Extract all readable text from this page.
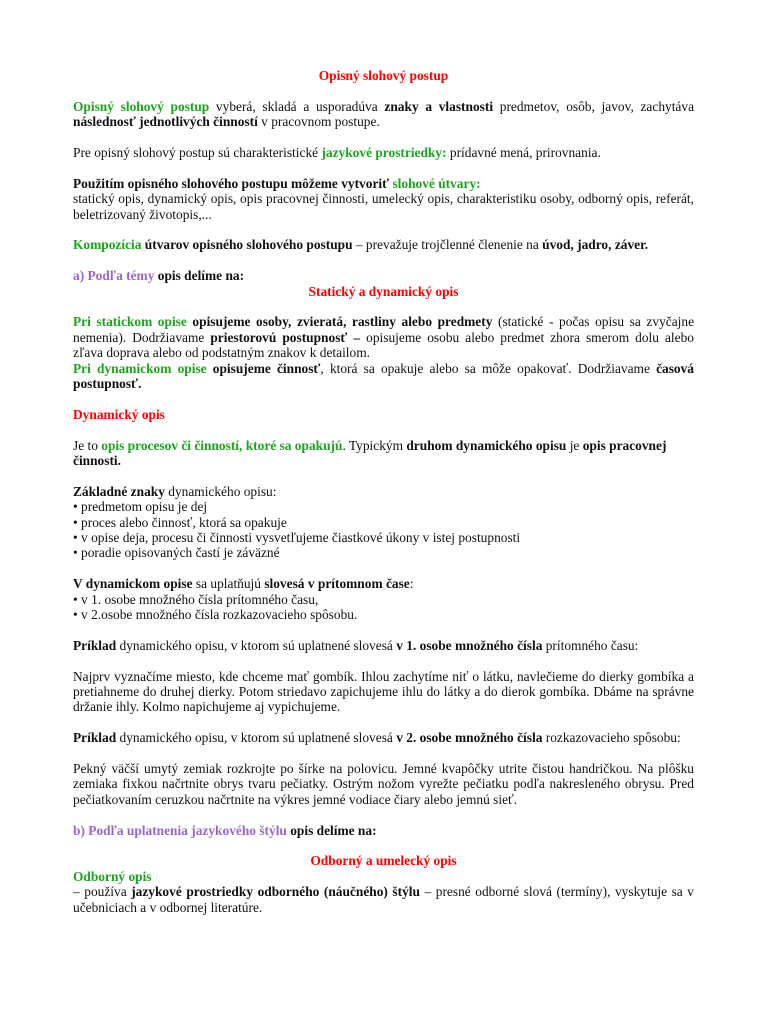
Opisný slohový postup

Opisný slohový postup vyberá, skladá a usporadúva znaky a vlastnosti predmetov, osôb, javov, zachytáva následnosť jednotlivých činností v pracovnom postupe.

Pre opisný slohový postup sú charakteristické jazykové prostriedky: prídavné mená, prirovnania.

Použitím opisného slohového postupu môžeme vytvoriť slohové útvary:

statický opis, dynamický opis, opis pracovnej činnosti, umelecký opis, charakteristiku osoby, odborný opis, referát, beletrizovaný životopis,...

Kompozícia útvarov opisného slohového postupu – prevažuje trojčlenné členenie na úvod, jadro, záver.

a) Podľa témy opis delíme na:

Statický a dynamický opis

Pri statickom opise opisujeme osoby, zvieratá, rastliny alebo predmety (statické - počas opisu sa zvyčajne nemenia). Dodržiavame priestorovú postupnosť – opisujeme osobu alebo predmet zhora smerom dolu alebo zľava doprava alebo od podstatným znakov k detailom.
Pri dynamickom opise opisujeme činnosť, ktorá sa opakuje alebo sa môže opakovať. Dodržiavame časová postupnosť.

Dynamický opis

Je to opis procesov či činností, ktoré sa opakujú. Typickým druhom dynamického opisu je opis pracovnej činnosti.

Základné znaky dynamického opisu:

• predmetom opisu je dej

• proces alebo činnosť, ktorá sa opakuje

• v opise deja, procesu či činnosti vysvetľujeme čiastkové úkony v istej postupnosti

• poradie opisovaných častí je záväzné

V dynamickom opise sa uplatňujú slovesá v prítomnom čase:

• v 1. osobe množného čísla prítomného času,

• v 2.osobe množného čísla rozkazovacieho spôsobu.

Príklad dynamického opisu, v ktorom sú uplatnené slovesá v 1. osobe množného čísla prítomného času:

Najprv vyznačíme miesto, kde chceme mať gombík. Ihlou zachytíme niť o látku, navlečieme do dierky gombíka a pretiahneme do druhej dierky. Potom striedavo zapichujeme ihlu do látky a do dierok gombíka. Dbáme na správne držanie ihly. Kolmo napichujeme aj vypichujeme.

Príklad dynamického opisu, v ktorom sú uplatnené slovesá v 2. osobe množného čísla rozkazovacieho spôsobu:

Pekný väčší umytý zemiak rozkrojte po šírke na polovicu. Jemné kvapôčky utrite čistou handričkou. Na plôšku zemiaka fixkou načrtnite obrys tvaru pečiatky. Ostrým nožom vyrežte pečiatku podľa nakresleného obrysu. Pred pečiatkovaním ceruzkou načrtnite na výkres jemné vodiace čiary alebo jemnú sieť.

b) Podľa uplatnenia jazykového štýlu opis delíme na:

Odborný a umelecký opis

Odborný opis

– používa jazykové prostriedky odborného (náučného) štýlu – presné odborné slová (termíny), vyskytuje sa v učebniciach a v odbornej literatúre.
